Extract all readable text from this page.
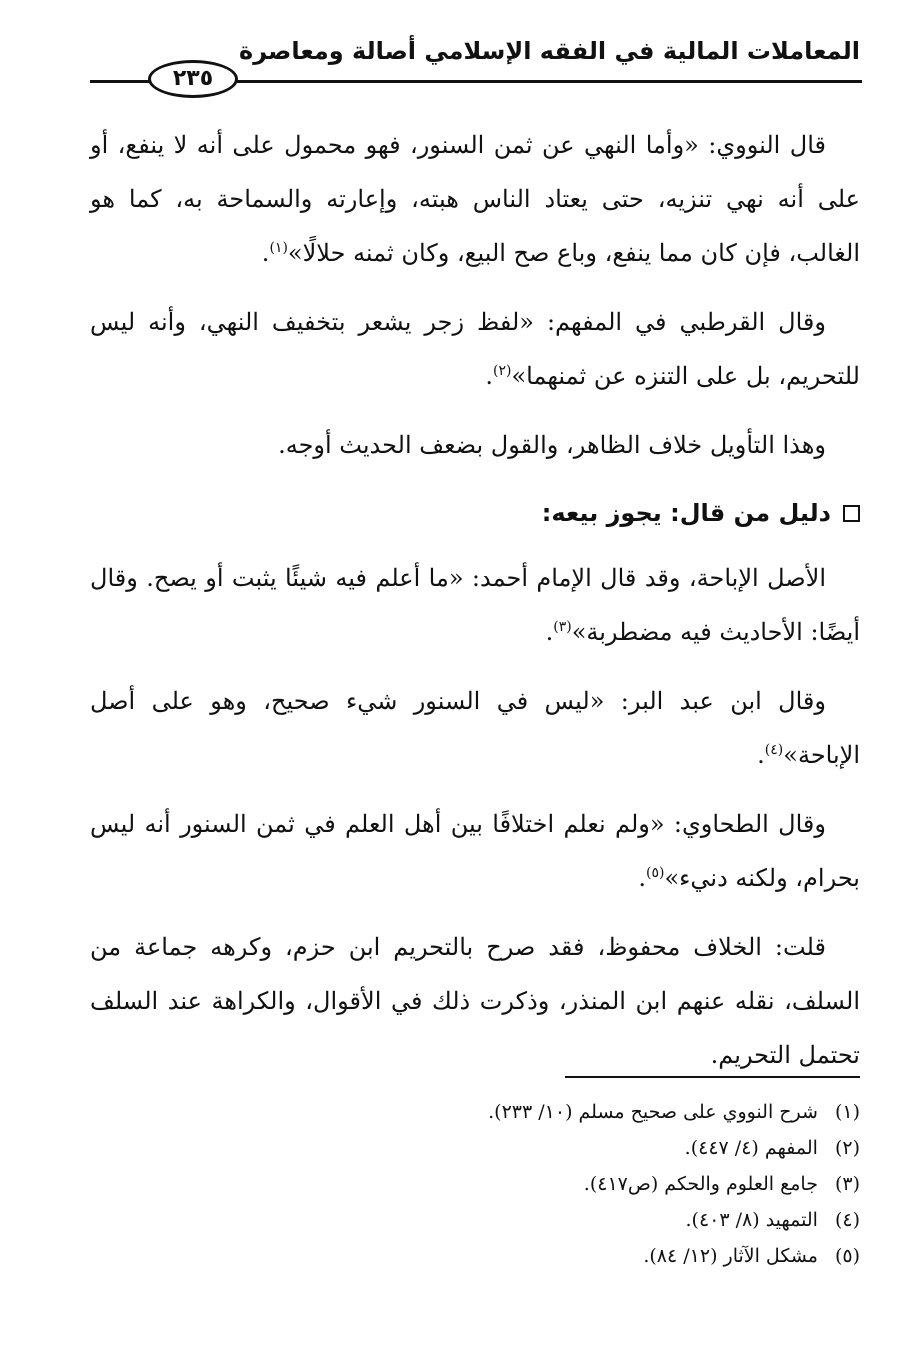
المعاملات المالية في الفقه الإسلامي أصالة ومعاصرة
٢٣٥

قال النووي: «وأما النهي عن ثمن السنور، فهو محمول على أنه لا ينفع، أو على أنه نهي تنزيه، حتى يعتاد الناس هبته، وإعارته والسماحة به، كما هو الغالب، فإن كان مما ينفع، وباع صح البيع، وكان ثمنه حلالًا»$^{(١)}$.

وقال القرطبي في المفهم: «لفظ زجر يشعر بتخفيف النهي، وأنه ليس للتحريم، بل على التنزه عن ثمنهما»$^{(٢)}$.

وهذا التأويل خلاف الظاهر، والقول بضعف الحديث أوجه.

دليل من قال: يجوز بيعه:

الأصل الإباحة، وقد قال الإمام أحمد: «ما أعلم فيه شيئًا يثبت أو يصح. وقال أيضًا: الأحاديث فيه مضطربة»$^{(٣)}$.

وقال ابن عبد البر: «ليس في السنور شيء صحيح، وهو على أصل الإباحة»$^{(٤)}$.

وقال الطحاوي: «ولم نعلم اختلافًا بين أهل العلم في ثمن السنور أنه ليس بحرام، ولكنه دنيء»$^{(٥)}$.

قلت: الخلاف محفوظ، فقد صرح بالتحريم ابن حزم، وكرهه جماعة من السلف، نقله عنهم ابن المنذر، وذكرت ذلك في الأقوال، والكراهة عند السلف تحتمل التحريم.

(١) شرح النووي على صحيح مسلم (١٠/ ٢٣٣).
(٢) المفهم (٤/ ٤٤٧).
(٣) جامع العلوم والحكم (ص٤١٧).
(٤) التمهيد (٨/ ٤٠٣).
(٥) مشكل الآثار (١٢/ ٨٤).
